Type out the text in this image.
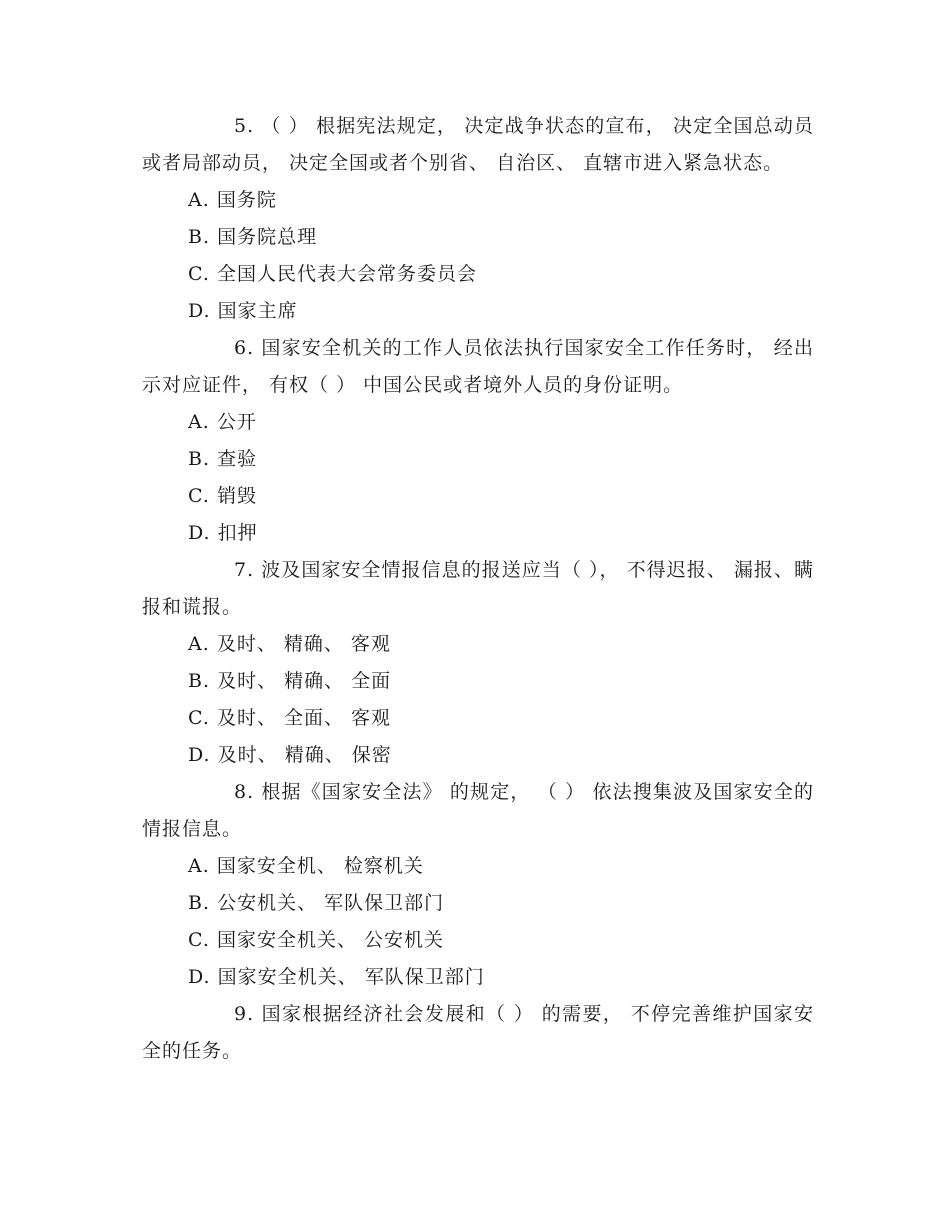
5. （ ） 根据宪法规定， 决定战争状态的宣布， 决定全国总动员或者局部动员， 决定全国或者个别省、 自治区、 直辖市进入紧急状态。

A. 国务院

B. 国务院总理

C. 全国人民代表大会常务委员会

D. 国家主席

6. 国家安全机关的工作人员依法执行国家安全工作任务时， 经出示对应证件， 有权（ ） 中国公民或者境外人员的身份证明。

A. 公开

B. 查验

C. 销毁

D. 扣押

7. 波及国家安全情报信息的报送应当（ ）， 不得迟报、 漏报、瞒报和谎报。

A. 及时、 精确、 客观

B. 及时、 精确、 全面

C. 及时、 全面、 客观

D. 及时、 精确、 保密

8. 根据《国家安全法》 的规定， （ ） 依法搜集波及国家安全的情报信息。

A. 国家安全机、 检察机关

B. 公安机关、 军队保卫部门

C. 国家安全机关、 公安机关

D. 国家安全机关、 军队保卫部门

9. 国家根据经济社会发展和（ ） 的需要， 不停完善维护国家安全的任务。
